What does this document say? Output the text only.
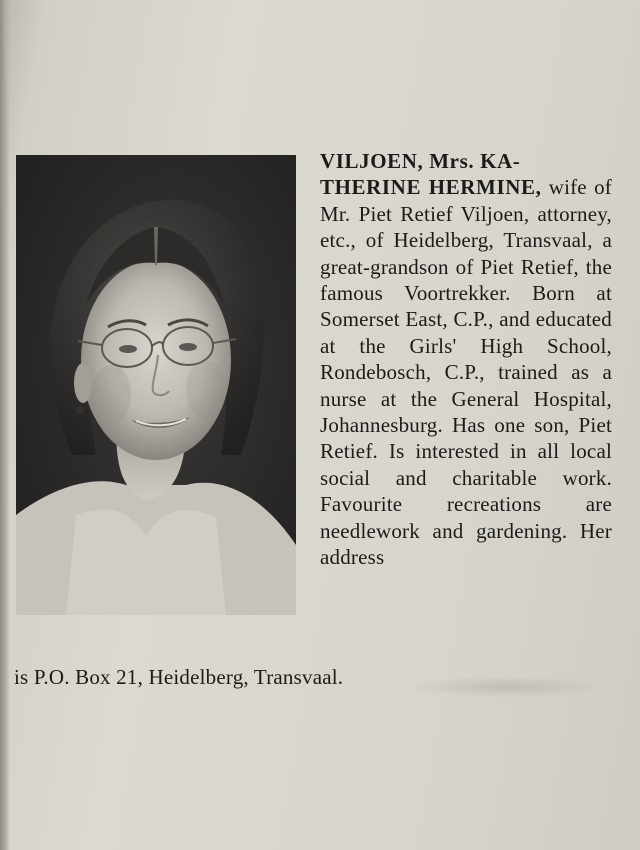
VILJOEN, Mrs. KA-
THERINE HERMINE, wife of Mr. Piet Retief Viljoen, attorney, etc., of Heidelberg, Transvaal, a great-grandson of Piet Retief, the famous Voortrekker. Born at Somerset East, C.P., and educated at the Girls' High School, Rondebosch, C.P., trained as a nurse at the General Hospital, Johannesburg. Has one son, Piet Retief. Is interested in all local social and charitable work. Favourite recreations are needlework and gardening. Her address
is P.O. Box 21, Heidelberg, Transvaal.
